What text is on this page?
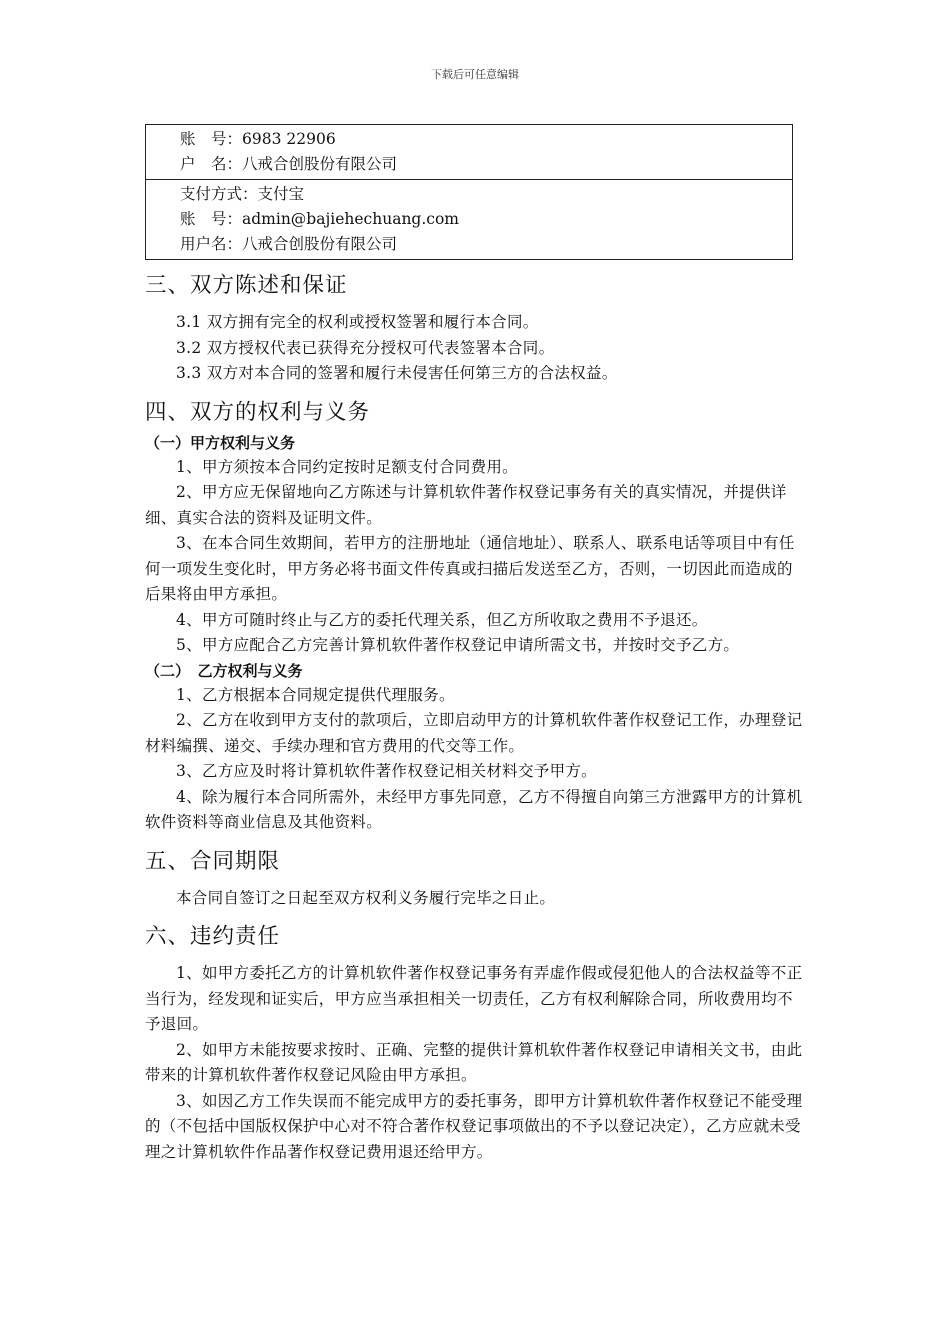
下载后可任意编辑
账　号：6983 22906
户　名：八戒合创股份有限公司
支付方式：支付宝
账　号：admin@bajiehechuang.com
用户名：八戒合创股份有限公司
三、双方陈述和保证

3.1 双方拥有完全的权利或授权签署和履行本合同。

3.2 双方授权代表已获得充分授权可代表签署本合同。

3.3 双方对本合同的签署和履行未侵害任何第三方的合法权益。

四、双方的权利与义务
（一）甲方权利与义务

1、甲方须按本合同约定按时足额支付合同费用。

2、甲方应无保留地向乙方陈述与计算机软件著作权登记事务有关的真实情况，并提供详细、真实合法的资料及证明文件。

3、在本合同生效期间，若甲方的注册地址（通信地址）、联系人、联系电话等项目中有任何一项发生变化时，甲方务必将书面文件传真或扫描后发送至乙方，否则，一切因此而造成的后果将由甲方承担。

4、甲方可随时终止与乙方的委托代理关系，但乙方所收取之费用不予退还。

5、甲方应配合乙方完善计算机软件著作权登记申请所需文书，并按时交予乙方。

（二）　乙方权利与义务

1、乙方根据本合同规定提供代理服务。

2、乙方在收到甲方支付的款项后，立即启动甲方的计算机软件著作权登记工作，办理登记材料编撰、递交、手续办理和官方费用的代交等工作。

3、乙方应及时将计算机软件著作权登记相关材料交予甲方。

4、除为履行本合同所需外，未经甲方事先同意，乙方不得擅自向第三方泄露甲方的计算机软件资料等商业信息及其他资料。

五、合同期限

本合同自签订之日起至双方权利义务履行完毕之日止。

六、违约责任

1、如甲方委托乙方的计算机软件著作权登记事务有弄虚作假或侵犯他人的合法权益等不正当行为，经发现和证实后，甲方应当承担相关一切责任，乙方有权利解除合同，所收费用均不予退回。

2、如甲方未能按要求按时、正确、完整的提供计算机软件著作权登记申请相关文书，由此带来的计算机软件著作权登记风险由甲方承担。

3、如因乙方工作失误而不能完成甲方的委托事务，即甲方计算机软件著作权登记不能受理的（不包括中国版权保护中心对不符合著作权登记事项做出的不予以登记决定），乙方应就未受理之计算机软件作品著作权登记费用退还给甲方。
